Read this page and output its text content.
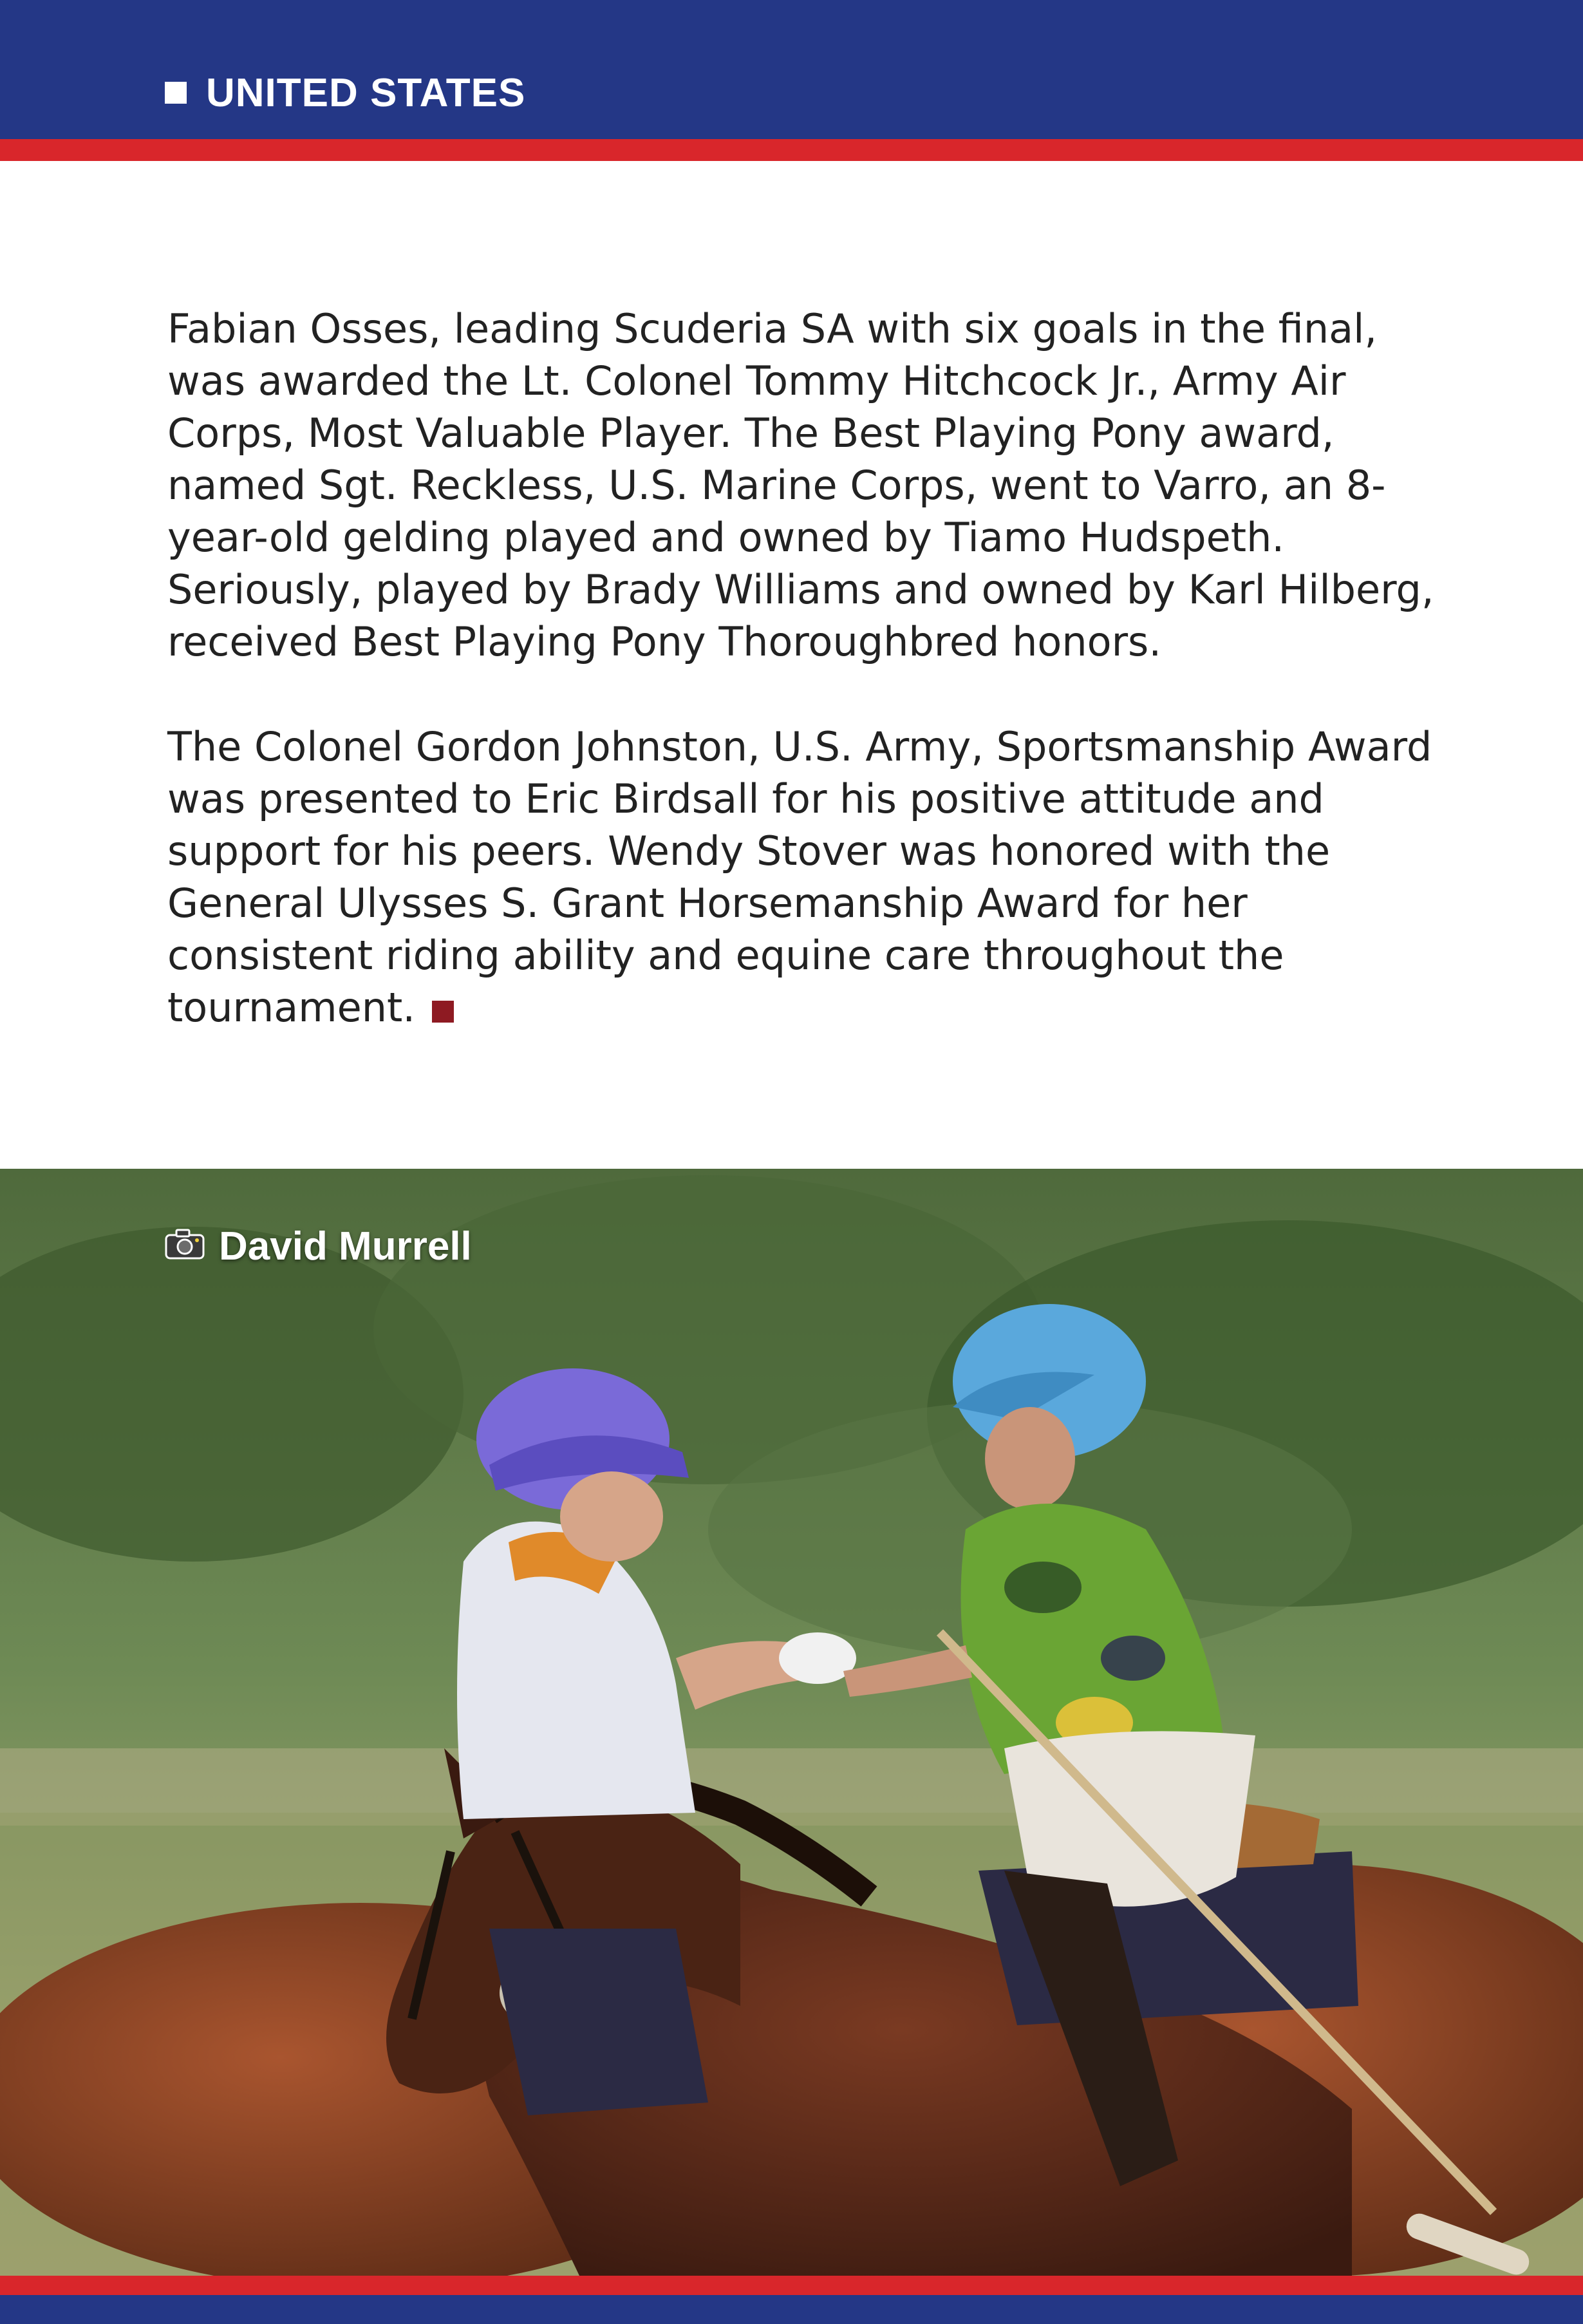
UNITED STATES

Fabian Osses, leading Scuderia SA with six goals in the final, was awarded the Lt. Colonel Tommy Hitchcock Jr., Army Air Corps, Most Valuable Player. The Best Playing Pony award, named Sgt. Reckless, U.S. Marine Corps, went to Varro, an 8-year-old gelding played and owned by Tiamo Hudspeth. Seriously, played by Brady Williams and owned by Karl Hilberg, received Best Playing Pony Thoroughbred honors.

The Colonel Gordon Johnston, U.S. Army, Sportsmanship Award was presented to Eric Birdsall for his positive attitude and support for his peers. Wendy Stover was honored with the General Ulysses S. Grant Horsemanship Award for her consistent riding ability and equine care throughout the tournament.

David Murrell
